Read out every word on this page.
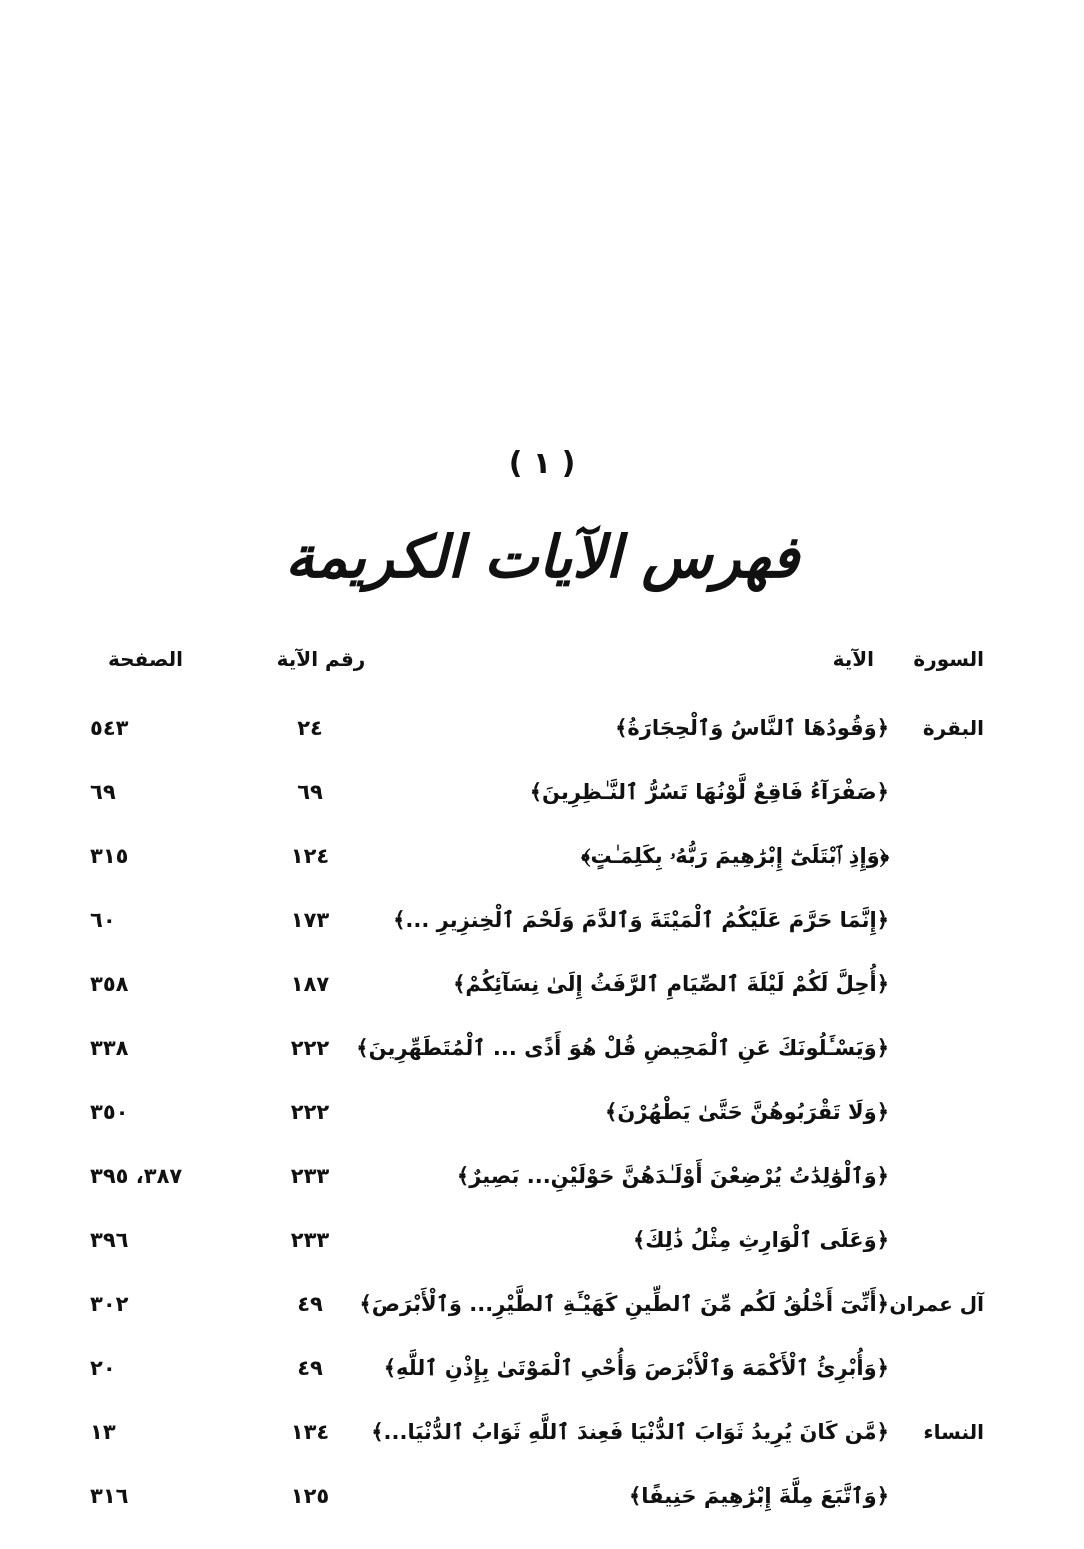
( ١ )
فهرس الآيات الكريمة
السورة
الآية
رقم الآية
الصفحة
البقرة
﴿وَقُودُهَا ٱلنَّاسُ وَٱلْحِجَارَةُ﴾
٢٤
٥٤٣
﴿صَفْرَآءُ فَاقِعٌ لَّوْنُهَا تَسُرُّ ٱلنَّـٰظِرِينَ﴾
٦٩
٦٩
﴿وَإِذِ ٱبْتَلَىٰٓ إِبْرَٰهِيمَ رَبُّهُۥ بِكَلِمَـٰتٍ﴾
١٢٤
٣١٥
﴿إِنَّمَا حَرَّمَ عَلَيْكُمُ ٱلْمَيْتَةَ وَٱلدَّمَ وَلَحْمَ ٱلْخِنزِيرِ ...﴾
١٧٣
٦٠
﴿أُحِلَّ لَكُمْ لَيْلَةَ ٱلصِّيَامِ ٱلرَّفَثُ إِلَىٰ نِسَآئِكُمْ﴾
١٨٧
٣٥٨
﴿وَيَسْـَٔلُونَكَ عَنِ ٱلْمَحِيضِ قُلْ هُوَ أَذًى ... ٱلْمُتَطَهِّرِينَ﴾
٢٢٢
٣٣٨
﴿وَلَا تَقْرَبُوهُنَّ حَتَّىٰ يَطْهُرْنَ﴾
٢٢٢
٣٥٠
﴿وَٱلْوَٰلِدَٰتُ يُرْضِعْنَ أَوْلَـٰدَهُنَّ حَوْلَيْنِ... بَصِيرٌ﴾
٢٣٣
٣٨٧، ٣٩٥
﴿وَعَلَى ٱلْوَارِثِ مِثْلُ ذَٰلِكَ﴾
٢٣٣
٣٩٦
آل عمران
﴿أَنِّىٓ أَخْلُقُ لَكُم مِّنَ ٱلطِّينِ كَهَيْـَٔةِ ٱلطَّيْرِ... وَٱلْأَبْرَصَ﴾
٤٩
٣٠٢
﴿وَأُبْرِئُ ٱلْأَكْمَهَ وَٱلْأَبْرَصَ وَأُحْىِ ٱلْمَوْتَىٰ بِإِذْنِ ٱللَّهِ﴾
٤٩
٢٠
النساء
﴿مَّن كَانَ يُرِيدُ ثَوَابَ ٱلدُّنْيَا فَعِندَ ٱللَّهِ ثَوَابُ ٱلدُّنْيَا...﴾
١٣٤
١٣
﴿وَٱتَّبَعَ مِلَّةَ إِبْرَٰهِيمَ حَنِيفًا﴾
١٢٥
٣١٦
